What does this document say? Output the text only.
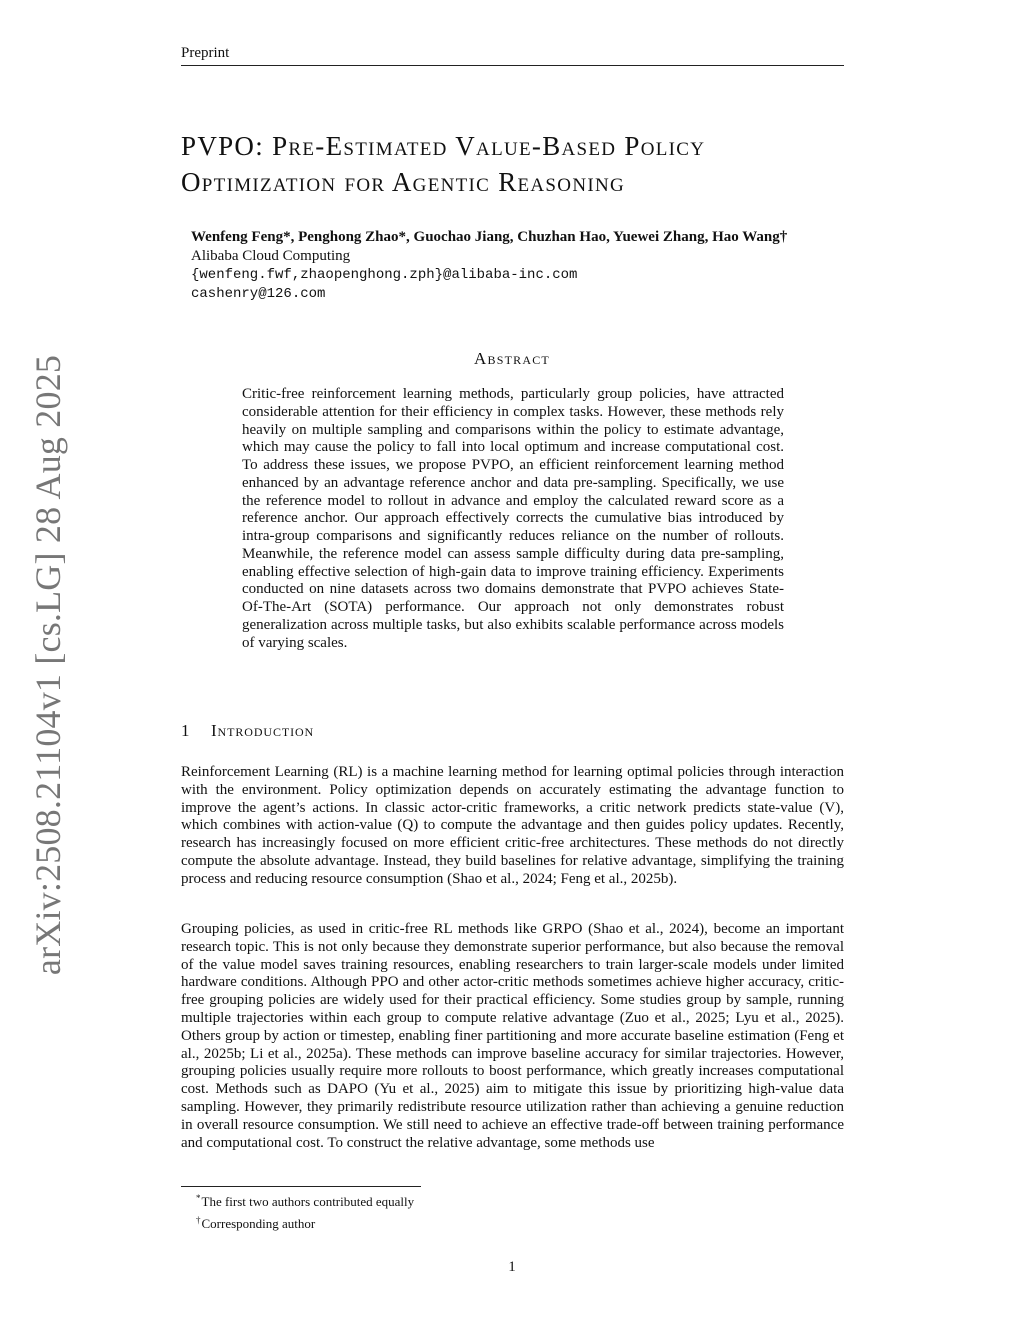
Preprint
arXiv:2508.21104v1 [cs.LG] 28 Aug 2025
PVPO: Pre-Estimated Value-Based Policy Optimization for Agentic Reasoning
Wenfeng Feng*, Penghong Zhao*, Guochao Jiang, Chuzhan Hao, Yuewei Zhang, Hao Wang†
Alibaba Cloud Computing
{wenfeng.fwf,zhaopenghong.zph}@alibaba-inc.com
cashenry@126.com
Abstract

Critic-free reinforcement learning methods, particularly group policies, have attracted considerable attention for their efficiency in complex tasks. However, these methods rely heavily on multiple sampling and comparisons within the policy to estimate advantage, which may cause the policy to fall into local optimum and increase computational cost. To address these issues, we propose PVPO, an efficient reinforcement learning method enhanced by an advantage reference anchor and data pre-sampling. Specifically, we use the reference model to rollout in advance and employ the calculated reward score as a reference anchor. Our approach effectively corrects the cumulative bias introduced by intra-group comparisons and significantly reduces reliance on the number of rollouts. Meanwhile, the reference model can assess sample difficulty during data pre-sampling, enabling effective selection of high-gain data to improve training efficiency. Experiments conducted on nine datasets across two domains demonstrate that PVPO achieves State-Of-The-Art (SOTA) performance. Our approach not only demonstrates robust generalization across multiple tasks, but also exhibits scalable performance across models of varying scales.

1 Introduction

Reinforcement Learning (RL) is a machine learning method for learning optimal policies through interaction with the environment. Policy optimization depends on accurately estimating the advantage function to improve the agent’s actions. In classic actor-critic frameworks, a critic network predicts state-value (V), which combines with action-value (Q) to compute the advantage and then guides policy updates. Recently, research has increasingly focused on more efficient critic-free architectures. These methods do not directly compute the absolute advantage. Instead, they build baselines for relative advantage, simplifying the training process and reducing resource consumption (Shao et al., 2024; Feng et al., 2025b).

Grouping policies, as used in critic-free RL methods like GRPO (Shao et al., 2024), become an important research topic. This is not only because they demonstrate superior performance, but also because the removal of the value model saves training resources, enabling researchers to train larger-scale models under limited hardware conditions. Although PPO and other actor-critic methods sometimes achieve higher accuracy, critic-free grouping policies are widely used for their practical efficiency. Some studies group by sample, running multiple trajectories within each group to compute relative advantage (Zuo et al., 2025; Lyu et al., 2025). Others group by action or timestep, enabling finer partitioning and more accurate baseline estimation (Feng et al., 2025b; Li et al., 2025a). These methods can improve baseline accuracy for similar trajectories. However, grouping policies usually require more rollouts to boost performance, which greatly increases computational cost. Methods such as DAPO (Yu et al., 2025) aim to mitigate this issue by prioritizing high-value data sampling. However, they primarily redistribute resource utilization rather than achieving a genuine reduction in overall resource consumption. We still need to achieve an effective trade-off between training performance and computational cost. To construct the relative advantage, some methods use

*The first two authors contributed equally
†Corresponding author
1
